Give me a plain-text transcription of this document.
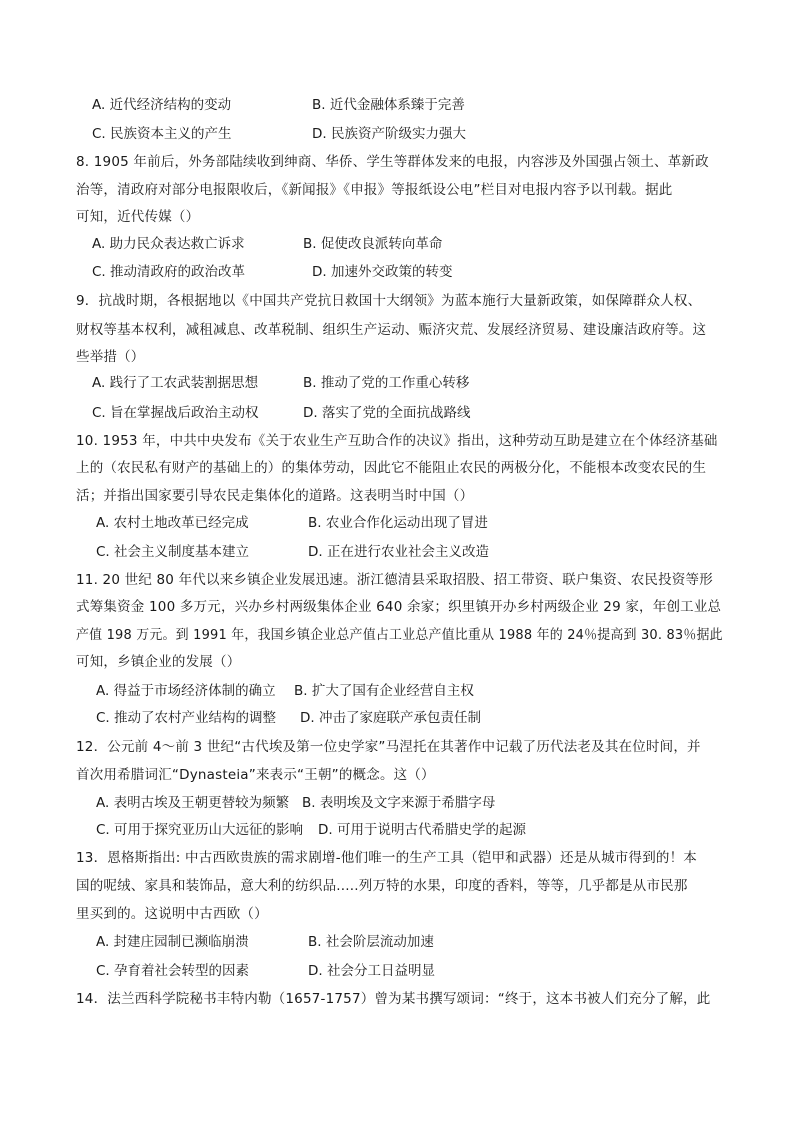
A. 近代经济结构的变动	B. 近代金融体系臻于完善
C. 民族资本主义的产生	D. 民族资产阶级实力强大
8. 1905 年前后，外务部陆续收到绅商、华侨、学生等群体发来的电报，内容涉及外国强占领土、革新政
治等，清政府对部分电报限收后，《新闻报》《申报》等报纸设公电”栏目对电报内容予以刊载。据此
可知，近代传媒（）
A. 助力民众表达救亡诉求	B. 促使改良派转向革命
C. 推动清政府的政治改革	D. 加速外交政策的转变
9．抗战时期，各根据地以《中国共产党抗日救国十大纲领》为蓝本施行大量新政策，如保障群众人权、
财权等基本权利，减租减息、改革税制、组织生产运动、赈济灾荒、发展经济贸易、建设廉洁政府等。这
些举措（）
A. 践行了工农武装割据思想	B. 推动了党的工作重心转移
C. 旨在掌握战后政治主动权	D. 落实了党的全面抗战路线
10. 1953 年，中共中央发布《关于农业生产互助合作的决议》指出，这种劳动互助是建立在个体经济基础
上的（农民私有财产的基础上的）的集体劳动，因此它不能阻止农民的两极分化，不能根本改变农民的生
活；并指出国家要引导农民走集体化的道路。这表明当时中国（）
A. 农村土地改革已经完成	B. 农业合作化运动出现了冒进
C. 社会主义制度基本建立	D. 正在进行农业社会主义改造
11. 20 世纪 80 年代以来乡镇企业发展迅速。浙江德清县采取招股、招工带资、联户集资、农民投资等形
式筹集资金 100 多万元，兴办乡村两级集体企业 640 余家；织里镇开办乡村两级企业 29 家，年创工业总
产值 198 万元。到 1991 年，我国乡镇企业总产值占工业总产值比重从 1988 年的 24％提高到 30. 83％据此
可知，乡镇企业的发展（）
A. 得益于市场经济体制的确立 B. 扩大了国有企业经营自主权
C. 推动了农村产业结构的调整 D. 冲击了家庭联产承包责任制
12．公元前 4～前 3 世纪“古代埃及第一位史学家”马涅托在其著作中记载了历代法老及其在位时间，并
首次用希腊词汇“Dynasteia”来表示“王朝”的概念。这（）
A. 表明古埃及王朝更替较为频繁 B. 表明埃及文字来源于希腊字母
C. 可用于探究亚历山大远征的影响 D. 可用于说明古代希腊史学的起源
13．恩格斯指出: 中古西欧贵族的需求剧增-他们唯一的生产工具（铠甲和武器）还是从城市得到的！本
国的呢绒、家具和装饰品，意大利的纺织品.....列万特的水果，印度的香料，等等，几乎都是从市民那
里买到的。这说明中古西欧（）
A. 封建庄园制已濒临崩溃	B. 社会阶层流动加速
C. 孕育着社会转型的因素	D. 社会分工日益明显
14．法兰西科学院秘书丰特内勒（1657-1757）曾为某书撰写颂词：“终于，这本书被人们充分了解，此
